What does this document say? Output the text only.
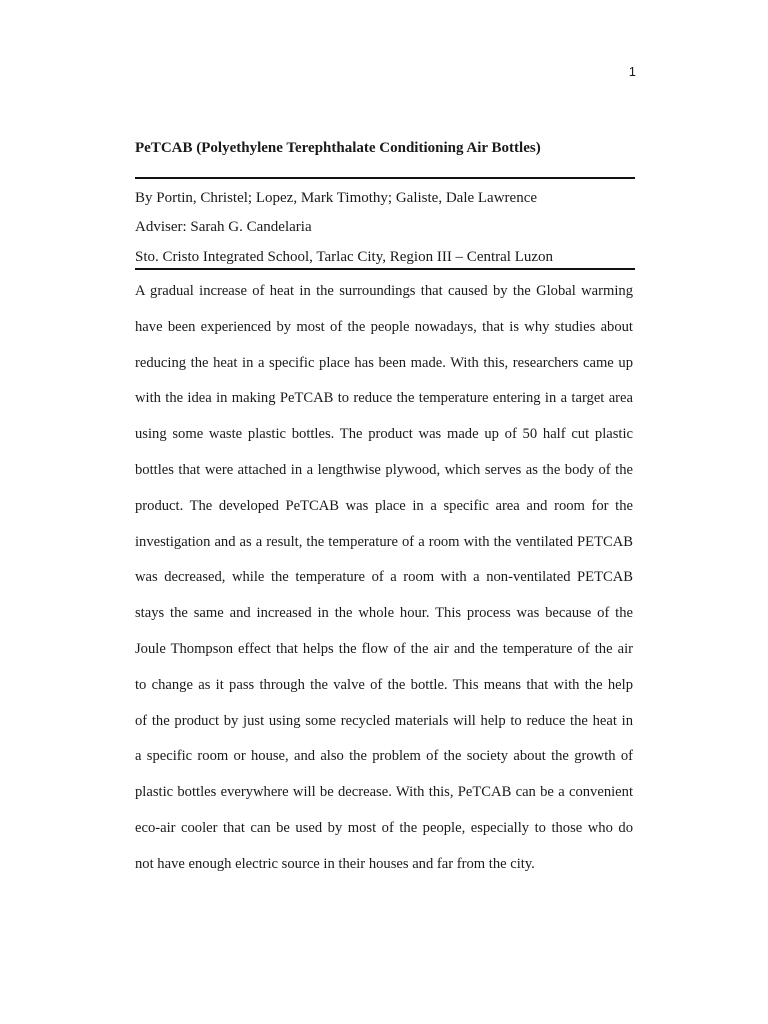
1
PeTCAB (Polyethylene Terephthalate Conditioning Air Bottles)
By Portin, Christel; Lopez, Mark Timothy; Galiste, Dale Lawrence
Adviser: Sarah G. Candelaria
Sto. Cristo Integrated School, Tarlac City, Region III – Central Luzon
A gradual increase of heat in the surroundings that caused by the Global warming
have been experienced by most of the people nowadays, that is why studies about
reducing the heat in a specific place has been made. With this, researchers came up
with the idea in making PeTCAB to reduce the temperature entering in a target area
using some waste plastic bottles. The product was made up of 50 half cut plastic
bottles that were attached in a lengthwise plywood, which serves as the body of the
product. The developed PeTCAB was place in a specific area and room for the
investigation and as a result, the temperature of a room with the ventilated PETCAB
was decreased, while the temperature of a room with a non-ventilated PETCAB
stays the same and increased in the whole hour. This process was because of the
Joule Thompson effect that helps the flow of the air and the temperature of the air
to change as it pass through the valve of the bottle. This means that with the help
of the product by just using some recycled materials will help to reduce the heat in
a specific room or house, and also the problem of the society about the growth of
plastic bottles everywhere will be decrease. With this, PeTCAB can be a convenient
eco-air cooler that can be used by most of the people, especially to those who do
not have enough electric source in their houses and far from the city.
